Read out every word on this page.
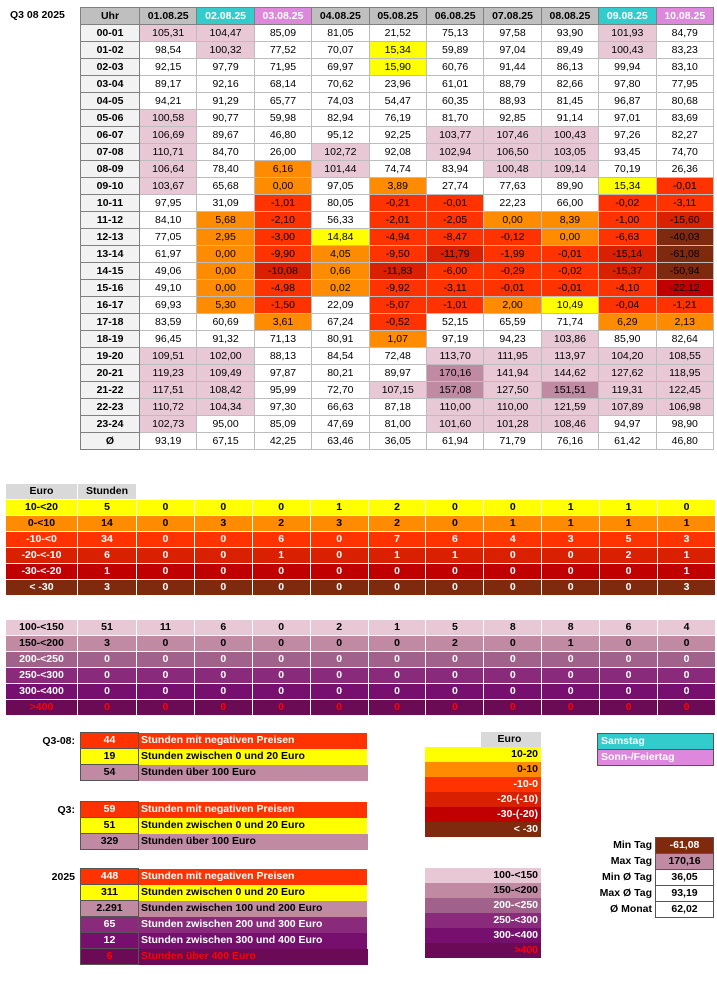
Q3 08 2025	Uhr	01.08.25	02.08.25	03.08.25	04.08.25	05.08.25	06.08.25	07.08.25	08.08.25	09.08.25	10.08.25
00-01	105,31	104,47	85,09	81,05	21,52	75,13	97,58	93,90	101,93	84,79
01-02	98,54	100,32	77,52	70,07	15,34	59,89	97,04	89,49	100,43	83,23
02-03	92,15	97,79	71,95	69,97	15,90	60,76	91,44	86,13	99,94	83,10
03-04	89,17	92,16	68,14	70,62	23,96	61,01	88,79	82,66	97,80	77,95
04-05	94,21	91,29	65,77	74,03	54,47	60,35	88,93	81,45	96,87	80,68
05-06	100,58	90,77	59,98	82,94	76,19	81,70	92,85	91,14	97,01	83,69
06-07	106,69	89,67	46,80	95,12	92,25	103,77	107,46	100,43	97,26	82,27
07-08	110,71	84,70	26,00	102,72	92,08	102,94	106,50	103,05	93,45	74,70
08-09	106,64	78,40	6,16	101,44	74,74	83,94	100,48	109,14	70,19	26,36
09-10	103,67	65,68	0,00	97,05	3,89	27,74	77,63	89,90	15,34	-0,01
10-11	97,95	31,09	-1,01	80,05	-0,21	-0,01	22,23	66,00	-0,02	-3,11
11-12	84,10	5,68	-2,10	56,33	-2,01	-2,05	0,00	8,39	-1,00	-15,60
12-13	77,05	2,95	-3,00	14,84	-4,94	-8,47	-0,12	0,00	-6,63	-40,03
13-14	61,97	0,00	-9,90	4,05	-9,50	-11,79	-1,99	-0,01	-15,14	-61,08
14-15	49,06	0,00	-10,08	0,66	-11,83	-6,00	-0,29	-0,02	-15,37	-50,94
15-16	49,10	0,00	-4,98	0,02	-9,92	-3,11	-0,01	-0,01	-4,10	-22,12
16-17	69,93	5,30	-1,50	22,09	-5,07	-1,01	2,00	10,49	-0,04	-1,21
17-18	83,59	60,69	3,61	67,24	-0,52	52,15	65,59	71,74	6,29	2,13
18-19	96,45	91,32	71,13	80,91	1,07	97,19	94,23	103,86	85,90	82,64
19-20	109,51	102,00	88,13	84,54	72,48	113,70	111,95	113,97	104,20	108,55
20-21	119,23	109,49	97,87	80,21	89,97	170,16	141,94	144,62	127,62	118,95
21-22	117,51	108,42	95,99	72,70	107,15	157,08	127,50	151,51	119,31	122,45
22-23	110,72	104,34	97,30	66,63	87,18	110,00	110,00	121,59	107,89	106,98
23-24	102,73	95,00	85,09	47,69	81,00	101,60	101,28	108,46	94,97	98,90
Ø	93,19	67,15	42,25	63,46	36,05	61,94	71,79	76,16	61,42	46,80
Euro	Stunden										
10-<20	5	0	0	0	1	2	0	0	1	1	0
0-<10	14	0	3	2	3	2	0	1	1	1	1
-10-<0	34	0	0	6	0	7	6	4	3	5	3
-20-<-10	6	0	0	1	0	1	1	0	0	2	1
-30-<-20	1	0	0	0	0	0	0	0	0	0	1
< -30	3	0	0	0	0	0	0	0	0	0	3
100-<150	51	11	6	0	2	1	5	8	8	6	4
150-<200	3	0	0	0	0	0	2	0	1	0	0
200-<250	0	0	0	0	0	0	0	0	0	0	0
250-<300	0	0	0	0	0	0	0	0	0	0	0
300-<400	0	0	0	0	0	0	0	0	0	0	0
>400	0	0	0	0	0	0	0	0	0	0	0
Q3-08:	44	Stunden mit negativen Preisen
19	Stunden zwischen 0 und 20 Euro
54	Stunden über 100 Euro
Q3:	59	Stunden mit negativen Preisen
51	Stunden zwischen 0 und 20 Euro
329	Stunden über 100 Euro
2025 448	Stunden mit negativen Preisen
311	Stunden zwischen 0 und 20 Euro
2.291	Stunden zwischen 100 und 200 Euro
65	Stunden zwischen 200 und 300 Euro
12	Stunden zwischen 300 und 400 Euro
6	Stunden über 400 Euro
	Euro
10-20
0-10
-10-0
-20-(-10)
-30-(-20)
< -30
100-<150
150-<200
200-<250
250-<300
300-<400
>400
Samstag
Sonn-/Feiertag
Min Tag	-61,08
Max Tag	170,16
Min Ø Tag	36,05
Max Ø Tag	93,19
Ø Monat	62,02
